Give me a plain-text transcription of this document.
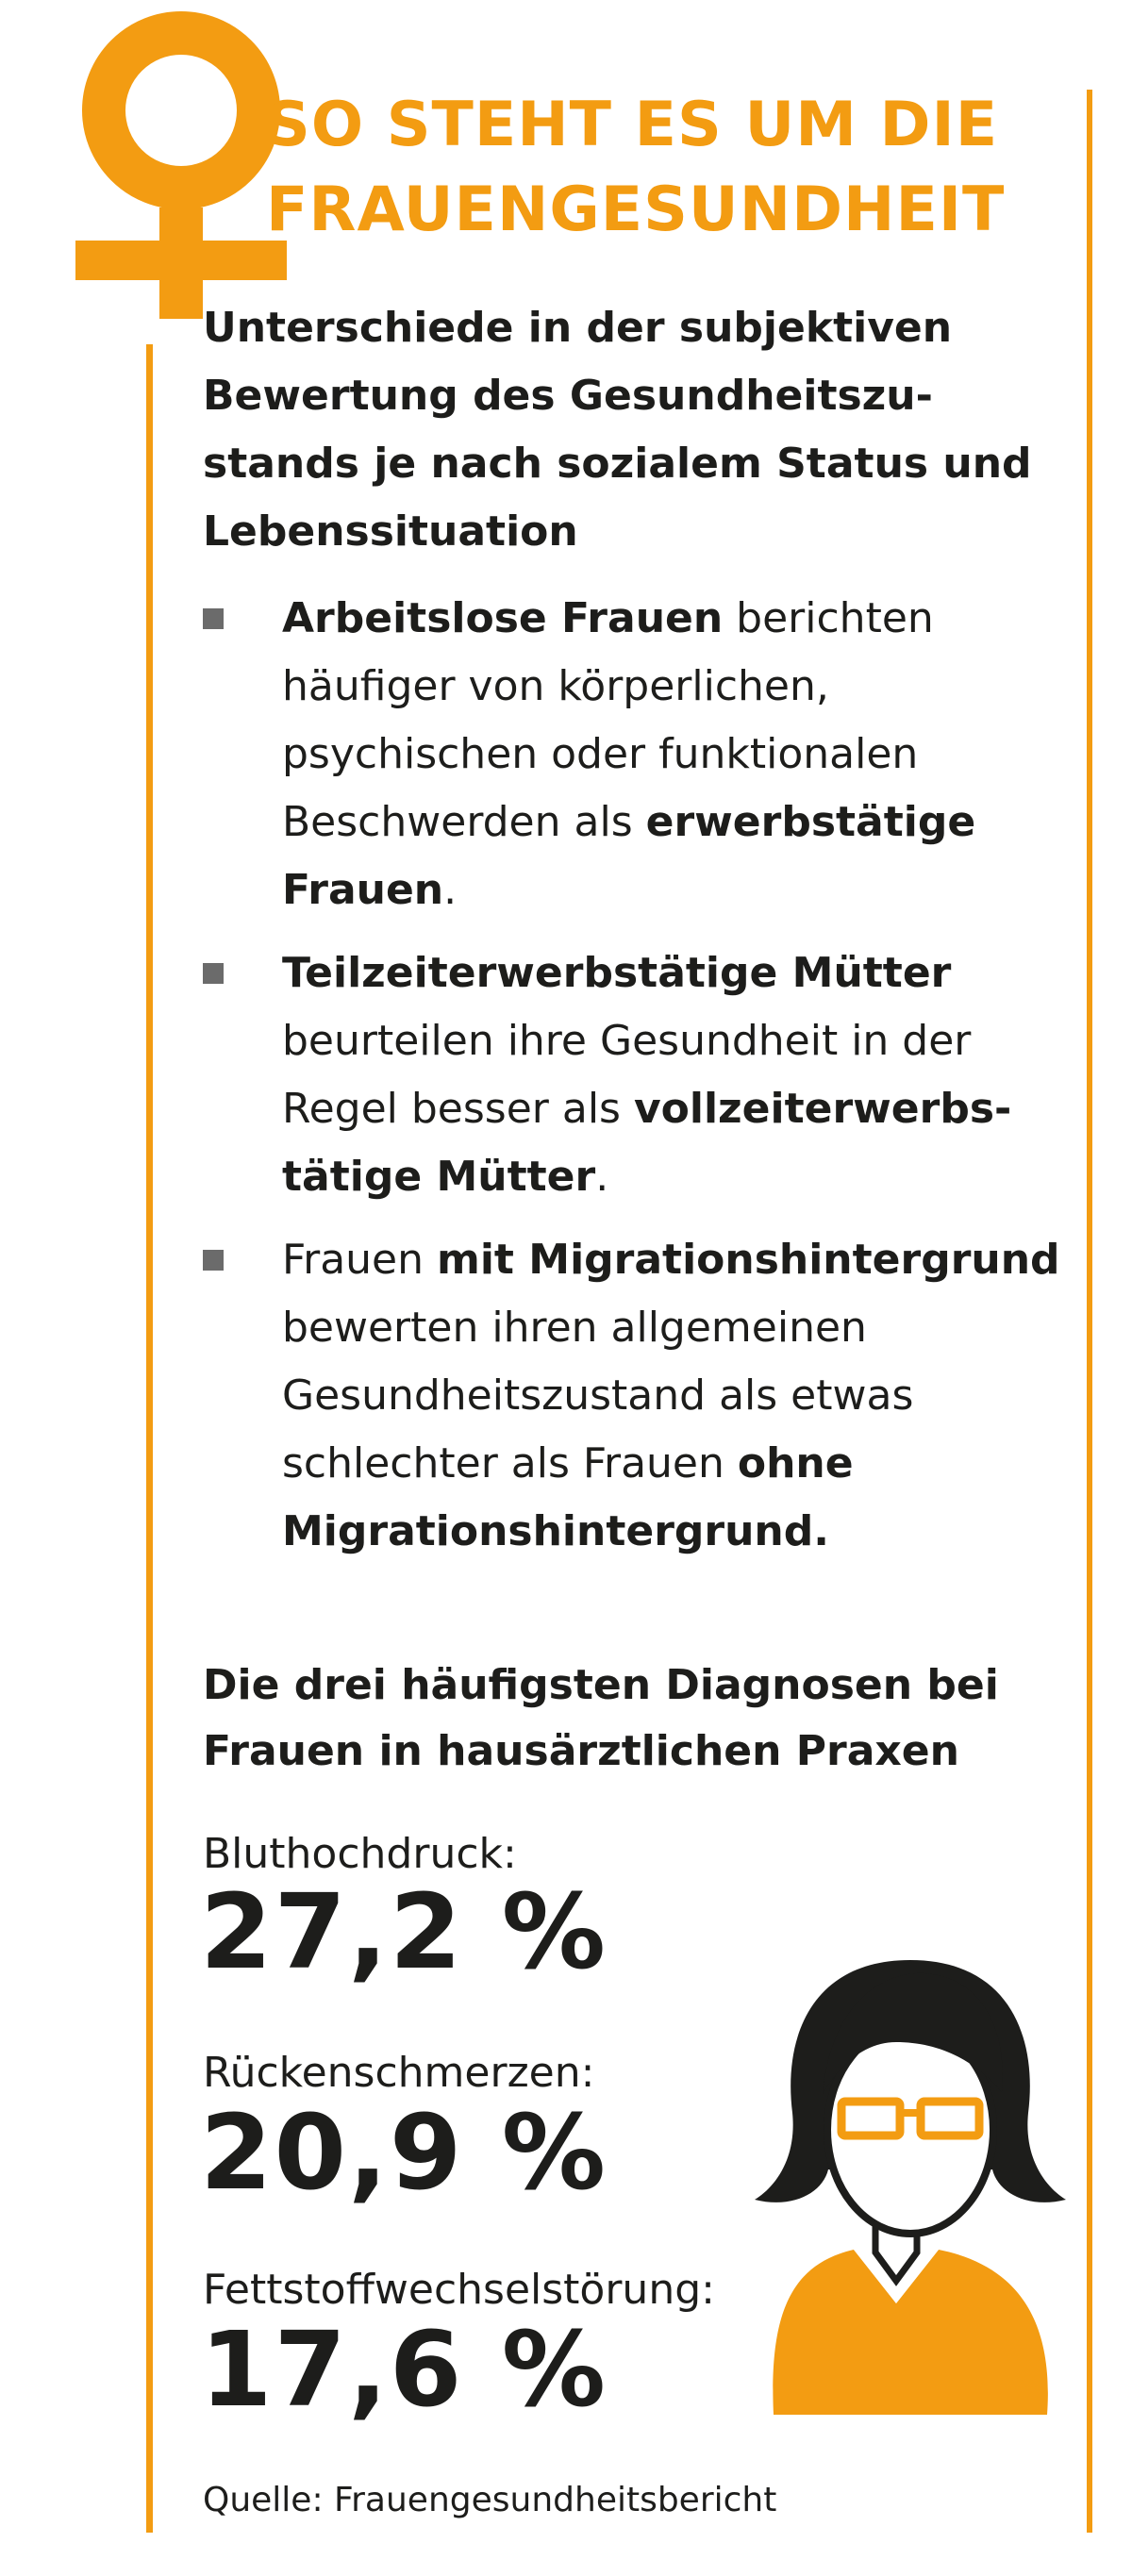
SO STEHT ES UM DIE
FRAUENGESUNDHEIT

Unterschiede in der subjektiven Bewertung des Gesundheitszustands je nach sozialem Status und Lebenssituation

Arbeitslose Frauen berichten häufiger von körperlichen, psychischen oder funktionalen Beschwerden als erwerbstätige Frauen.
Teilzeiterwerbstätige Mütter beurteilen ihre Gesundheit in der Regel besser als vollzeiterwerbstätige Mütter.
Frauen mit Migrationshintergrund bewerten ihren allgemeinen Gesundheitszustand als etwas schlechter als Frauen ohne Migrationshintergrund.

Die drei häufigsten Diagnosen bei Frauen in hausärztlichen Praxen

Bluthochdruck:

27,2 %

Rückenschmerzen:

20,9 %

Fettstoffwechselstörung:

17,6 %

Quelle: Frauengesundheitsbericht
